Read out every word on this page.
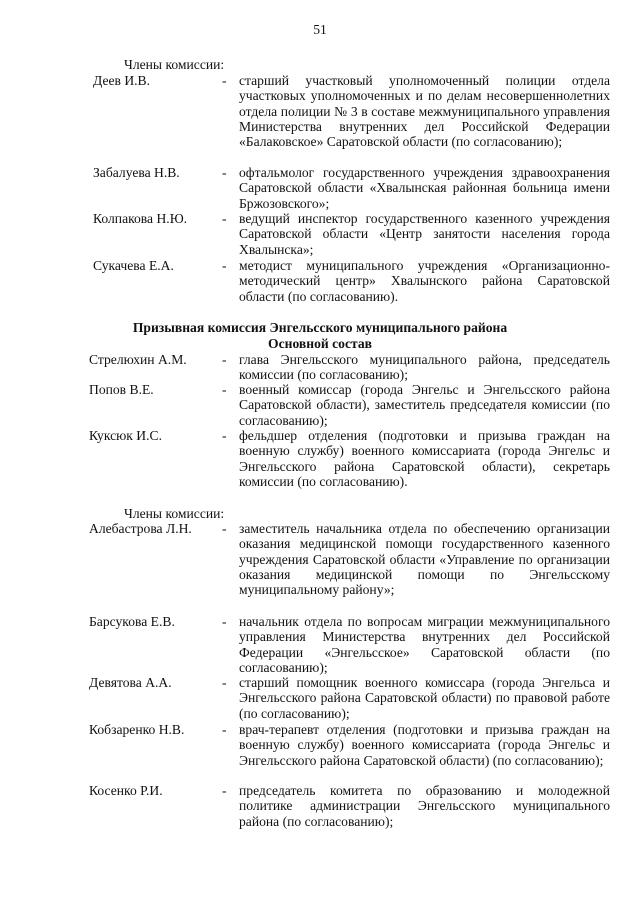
51
Члены комиссии:
Деев И.В.	- старший участковый уполномоченный полиции отдела участковых уполномоченных и по делам несовершеннолетних отдела полиции № 3 в составе межмуниципального управления Министерства внутренних дел Российской Федерации «Балаковское» Саратовской области (по согласованию);
Забалуева Н.В.	- офтальмолог государственного учреждения здравоохранения Саратовской области «Хвалынская районная больница имени Бржозовского»;
Колпакова Н.Ю.	- ведущий инспектор государственного казенного учреждения Саратовской области «Центр занятости населения города Хвалынска»;
Сукачева Е.А.	- методист муниципального учреждения «Организационно-методический центр» Хвалынского района Саратовской области (по согласованию).
Призывная комиссия Энгельсского муниципального района
Основной состав
Стрелюхин А.М.	- глава Энгельсского муниципального района, председатель комиссии (по согласованию);
Попов В.Е.	- военный комиссар (города Энгельс и Энгельсского района Саратовской области), заместитель председателя комиссии (по согласованию);
Куксюк И.С.	- фельдшер отделения (подготовки и призыва граждан на военную службу) военного комиссариата (города Энгельс и Энгельсского района Саратовской области), секретарь комиссии (по согласованию).
Члены комиссии:
Алебастрова Л.Н. - заместитель начальника отдела по обеспечению организации оказания медицинской помощи государственного казенного учреждения Саратовской области «Управление по организации оказания медицинской помощи по Энгельсскому муниципальному району»;
Барсукова Е.В.	- начальник отдела по вопросам миграции межмуниципального управления Министерства внутренних дел Российской Федерации «Энгельсское» Саратовской области (по согласованию);
Девятова А.А.	- старший помощник военного комиссара (города Энгельса и Энгельсского района Саратовской области) по правовой работе (по согласованию);
Кобзаренко Н.В.	- врач-терапевт отделения (подготовки и призыва граждан на военную службу) военного комиссариата (города Энгельс и Энгельсского района Саратовской области) (по согласованию);
Косенко Р.И.	- председатель комитета по образованию и молодежной политике администрации Энгельсского муниципального района (по согласованию);
